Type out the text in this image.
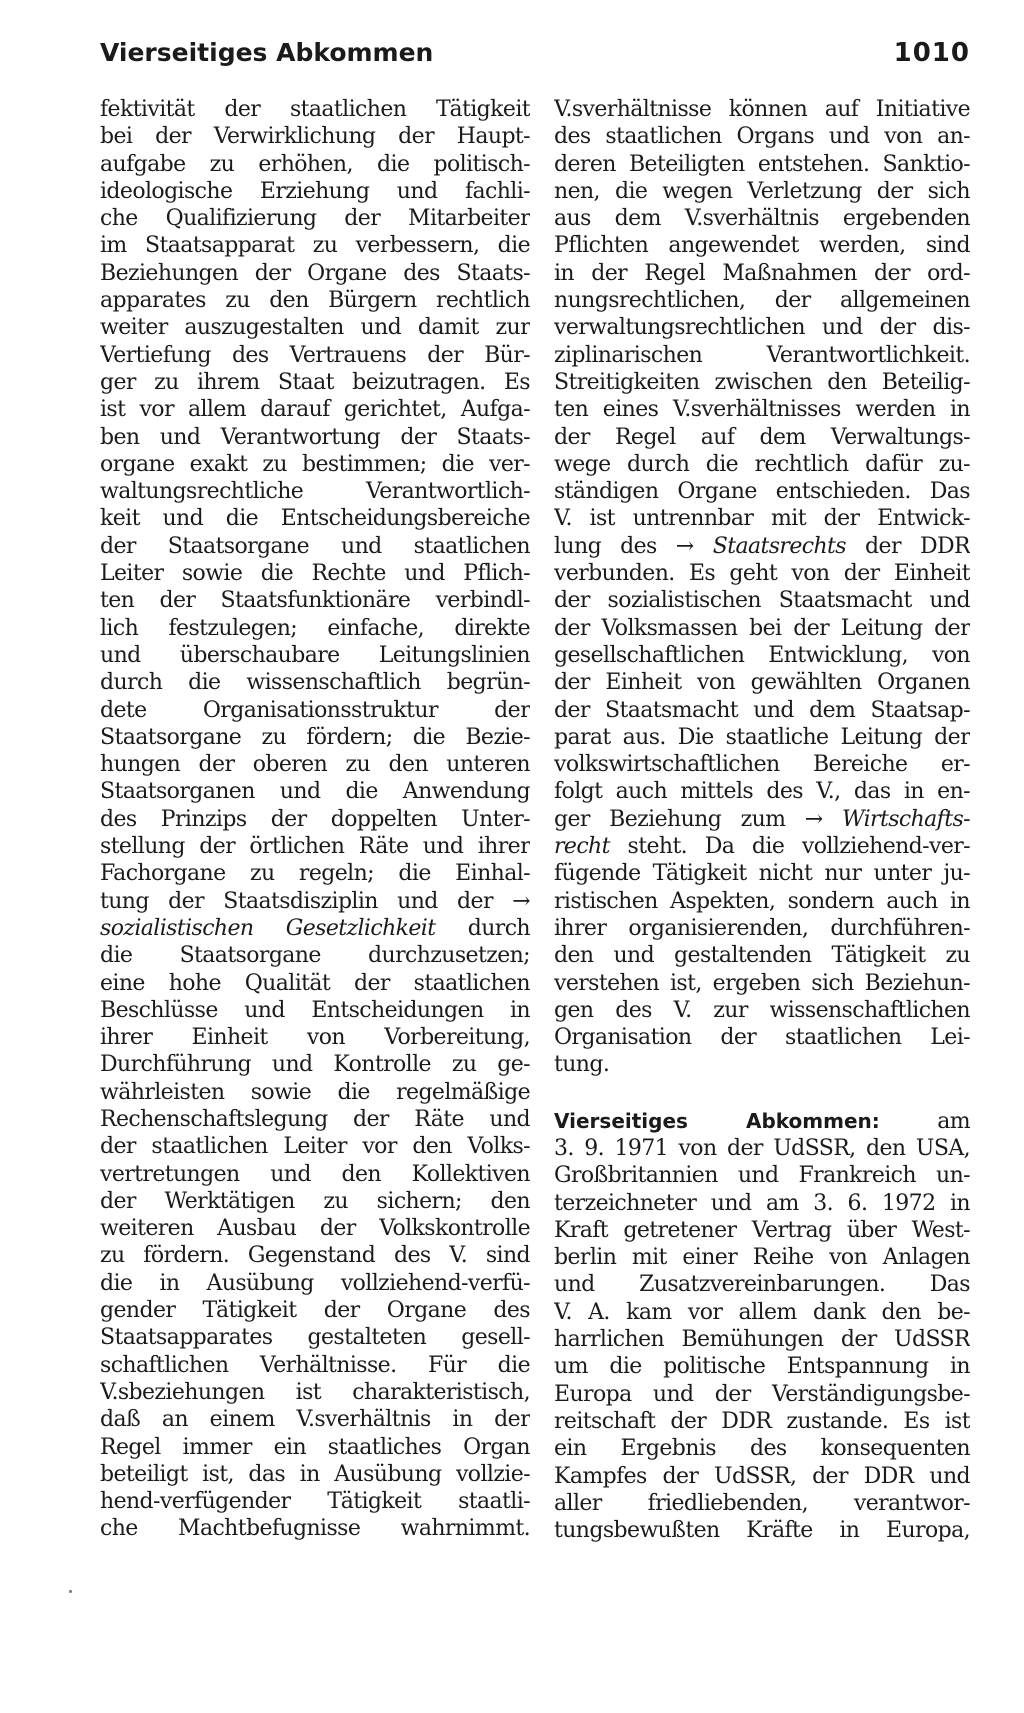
Vierseitiges Abkommen	1010
fektivität der staatlichen Tätigkeit
bei der Verwirklichung der Haupt-
aufgabe zu erhöhen, die politisch-
ideologische Erziehung und fachli-
che Qualifizierung der Mitarbeiter
im Staatsapparat zu verbessern, die
Beziehungen der Organe des Staats-
apparates zu den Bürgern rechtlich
weiter auszugestalten und damit zur
Vertiefung des Vertrauens der Bür-
ger zu ihrem Staat beizutragen. Es
ist vor allem darauf gerichtet, Aufga-
ben und Verantwortung der Staats-
organe exakt zu bestimmen; die ver-
waltungsrechtliche Verantwortlich-
keit und die Entscheidungsbereiche
der Staatsorgane und staatlichen
Leiter sowie die Rechte und Pflich-
ten der Staatsfunktionäre verbindl-
lich festzulegen; einfache, direkte
und überschaubare Leitungslinien
durch die wissenschaftlich begrün-
dete Organisationsstruktur der
Staatsorgane zu fördern; die Bezie-
hungen der oberen zu den unteren
Staatsorganen und die Anwendung
des Prinzips der doppelten Unter-
stellung der örtlichen Räte und ihrer
Fachorgane zu regeln; die Einhal-
tung der Staatsdisziplin und der →
sozialistischen Gesetzlichkeit durch
die Staatsorgane durchzusetzen;
eine hohe Qualität der staatlichen
Beschlüsse und Entscheidungen in
ihrer Einheit von Vorbereitung,
Durchführung und Kontrolle zu ge-
währleisten sowie die regelmäßige
Rechenschaftslegung der Räte und
der staatlichen Leiter vor den Volks-
vertretungen und den Kollektiven
der Werktätigen zu sichern; den
weiteren Ausbau der Volkskontrolle
zu fördern. Gegenstand des V. sind
die in Ausübung vollziehend-verfü-
gender Tätigkeit der Organe des
Staatsapparates gestalteten gesell-
schaftlichen Verhältnisse. Für die
V.sbeziehungen ist charakteristisch,
daß an einem V.sverhältnis in der
Regel immer ein staatliches Organ
beteiligt ist, das in Ausübung vollzie-
hend-verfügender Tätigkeit staatli-
che Machtbefugnisse wahrnimmt.
V.sverhältnisse können auf Initiative
des staatlichen Organs und von an-
deren Beteiligten entstehen. Sanktio-
nen, die wegen Verletzung der sich
aus dem V.sverhältnis ergebenden
Pflichten angewendet werden, sind
in der Regel Maßnahmen der ord-
nungsrechtlichen, der allgemeinen
verwaltungsrechtlichen und der dis-
ziplinarischen Verantwortlichkeit.
Streitigkeiten zwischen den Beteilig-
ten eines V.sverhältnisses werden in
der Regel auf dem Verwaltungs-
wege durch die rechtlich dafür zu-
ständigen Organe entschieden. Das
V. ist untrennbar mit der Entwick-
lung des → Staatsrechts der DDR
verbunden. Es geht von der Einheit
der sozialistischen Staatsmacht und
der Volksmassen bei der Leitung der
gesellschaftlichen Entwicklung, von
der Einheit von gewählten Organen
der Staatsmacht und dem Staatsap-
parat aus. Die staatliche Leitung der
volkswirtschaftlichen Bereiche er-
folgt auch mittels des V., das in en-
ger Beziehung zum → Wirtschafts-
recht steht. Da die vollziehend-ver-
fügende Tätigkeit nicht nur unter ju-
ristischen Aspekten, sondern auch in
ihrer organisierenden, durchführen-
den und gestaltenden Tätigkeit zu
verstehen ist, ergeben sich Beziehun-
gen des V. zur wissenschaftlichen
Organisation der staatlichen Lei-
tung.
Vierseitiges Abkommen:	am
3. 9. 1971 von der UdSSR, den USA,
Großbritannien und Frankreich un-
terzeichneter und am 3. 6. 1972 in
Kraft getretener Vertrag über West-
berlin mit einer Reihe von Anlagen
und Zusatzvereinbarungen. Das
V. A. kam vor allem dank den be-
harrlichen Bemühungen der UdSSR
um die politische Entspannung in
Europa und der Verständigungsbe-
reitschaft der DDR zustande. Es ist
ein Ergebnis des konsequenten
Kampfes der UdSSR, der DDR und
aller friedliebenden, verantwor-
tungsbewußten Kräfte in Europa,
